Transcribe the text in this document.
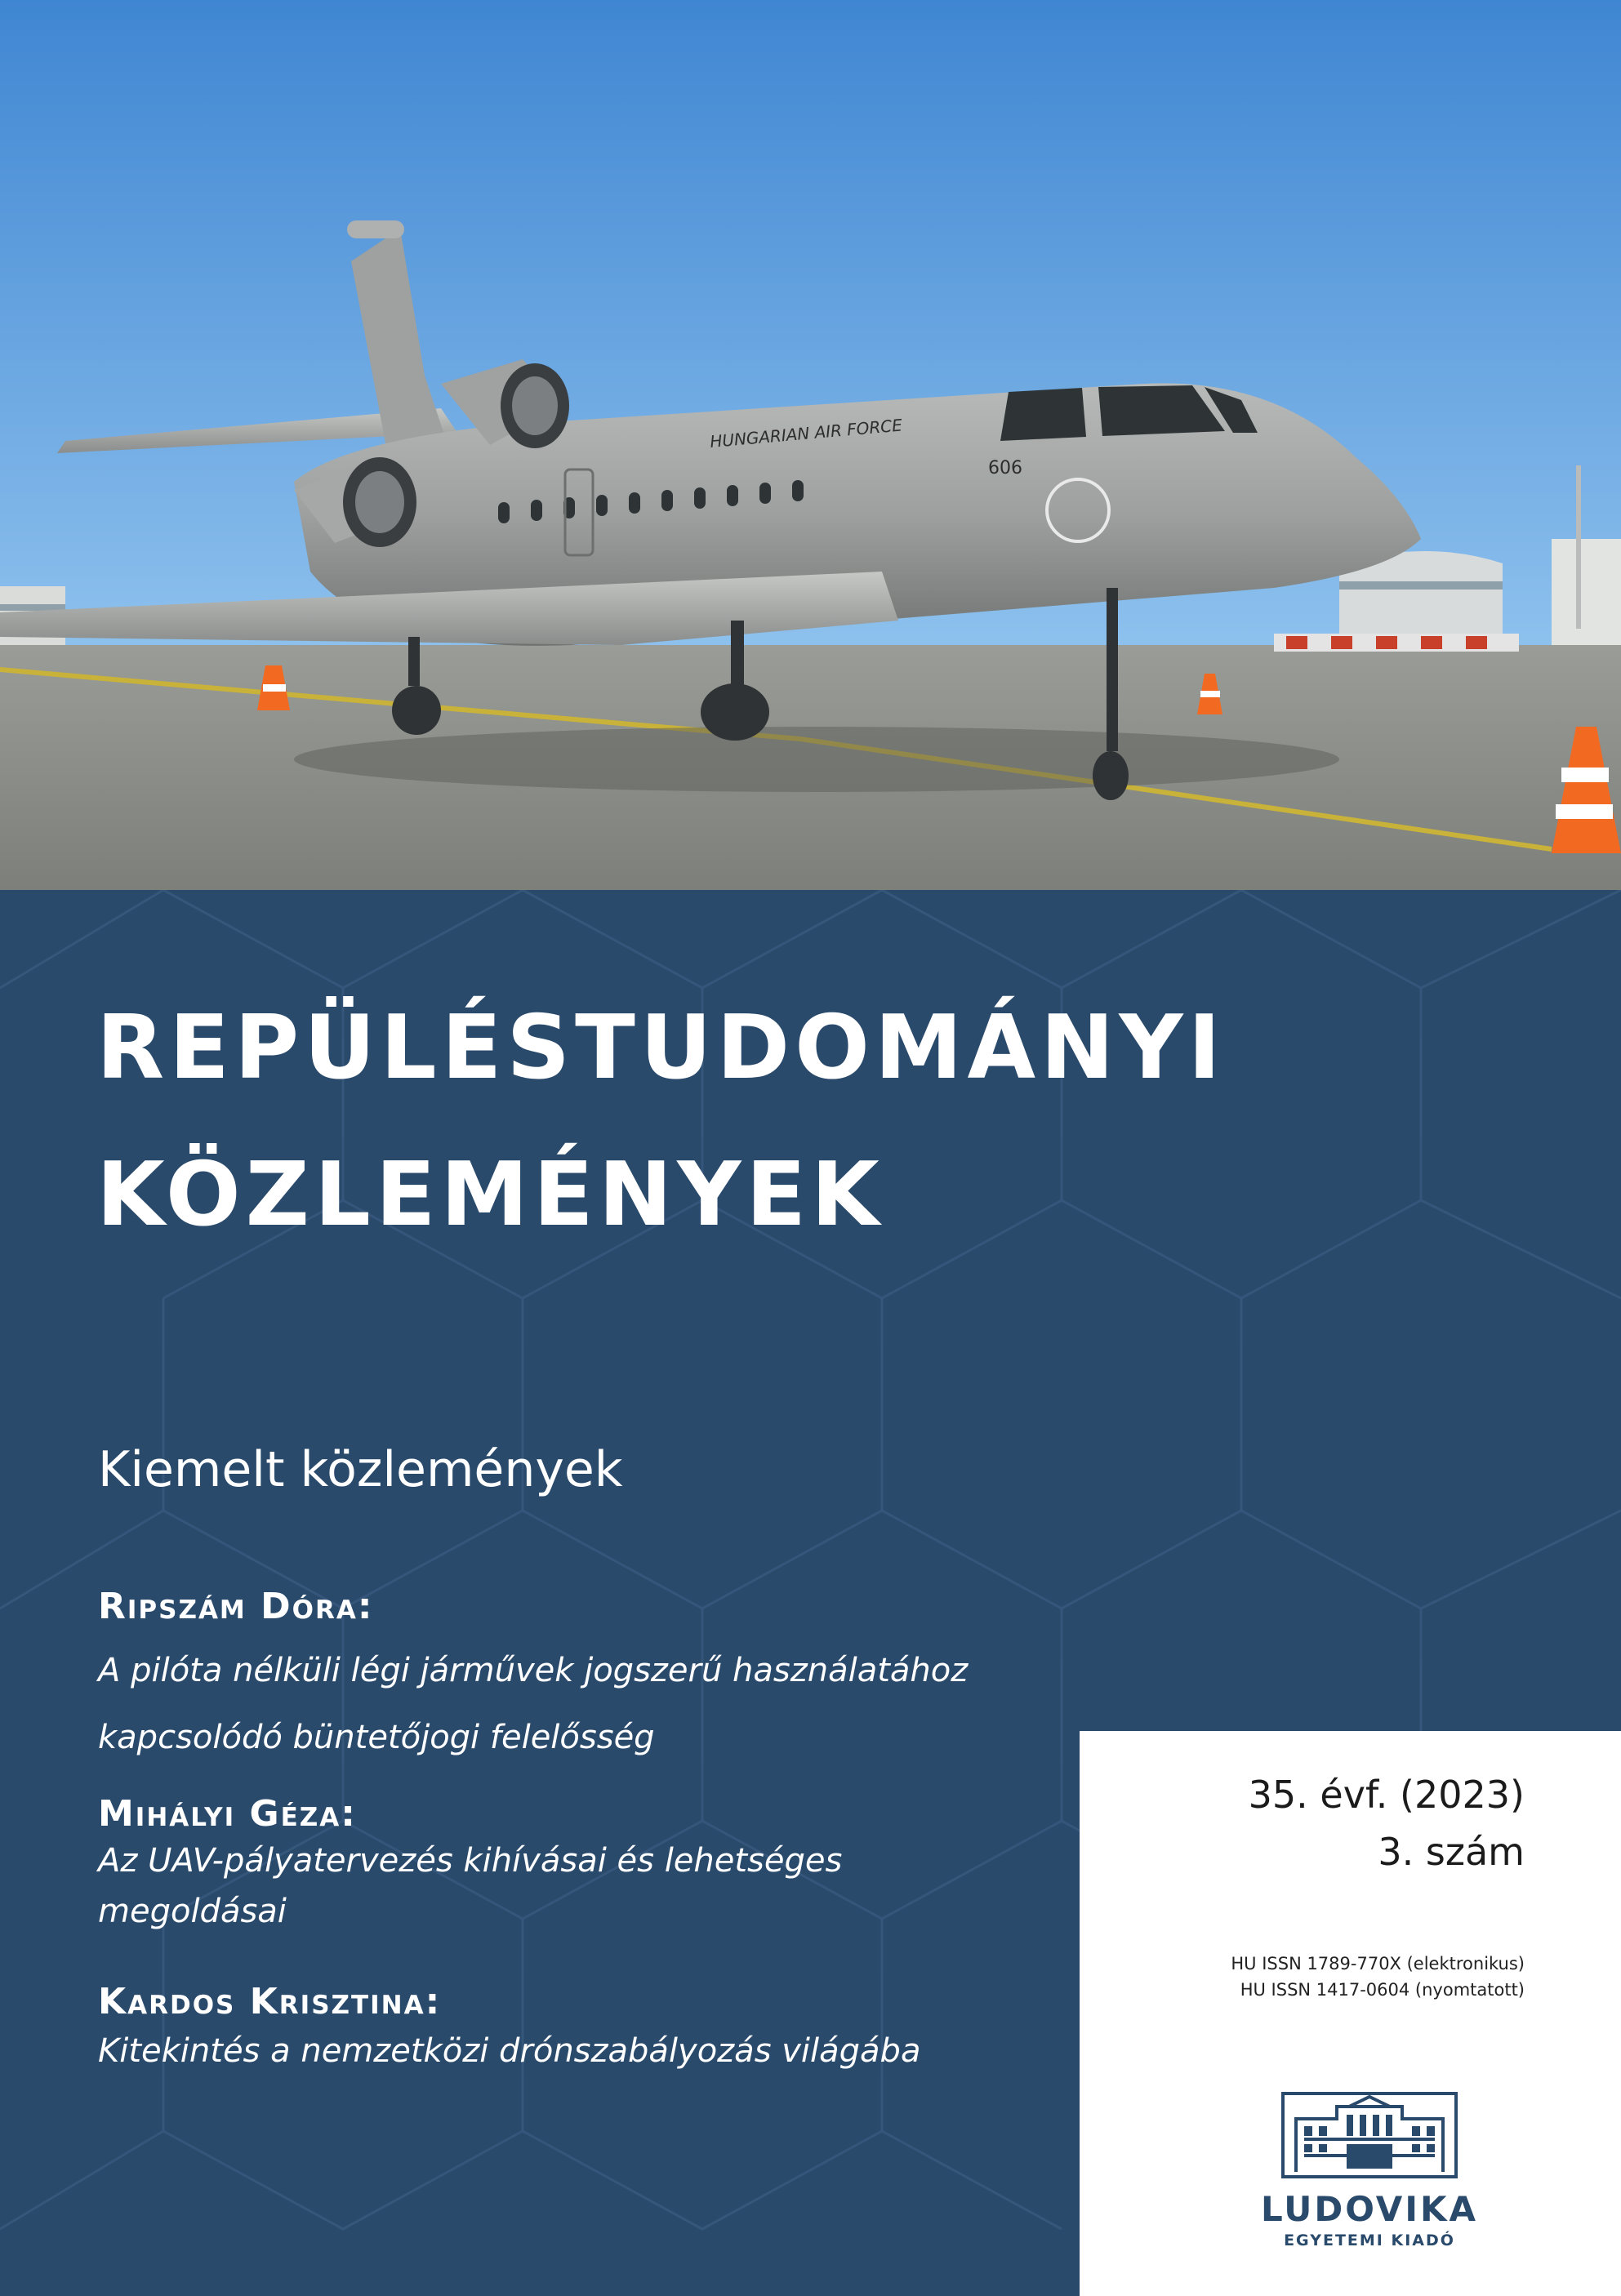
HUNGARIAN AIR FORCE
606
REPÜLÉSTUDOMÁNYI
KÖZLEMÉNYEK
Kiemelt közlemények
Ripszám Dóra:
A pilóta nélküli légi járművek jogszerű használatához kapcsolódó büntetőjogi felelősség
Mihályi Géza:
Az UAV-pályatervezés kihívásai és lehetséges megoldásai
Kardos Krisztina:
Kitekintés a nemzetközi drónszabályozás világába
35. évf. (2023)
3. szám
HU ISSN 1789-770X (elektronikus)
HU ISSN 1417-0604 (nyomtatott)
LUDOVIKA
EGYETEMI KIADÓ
